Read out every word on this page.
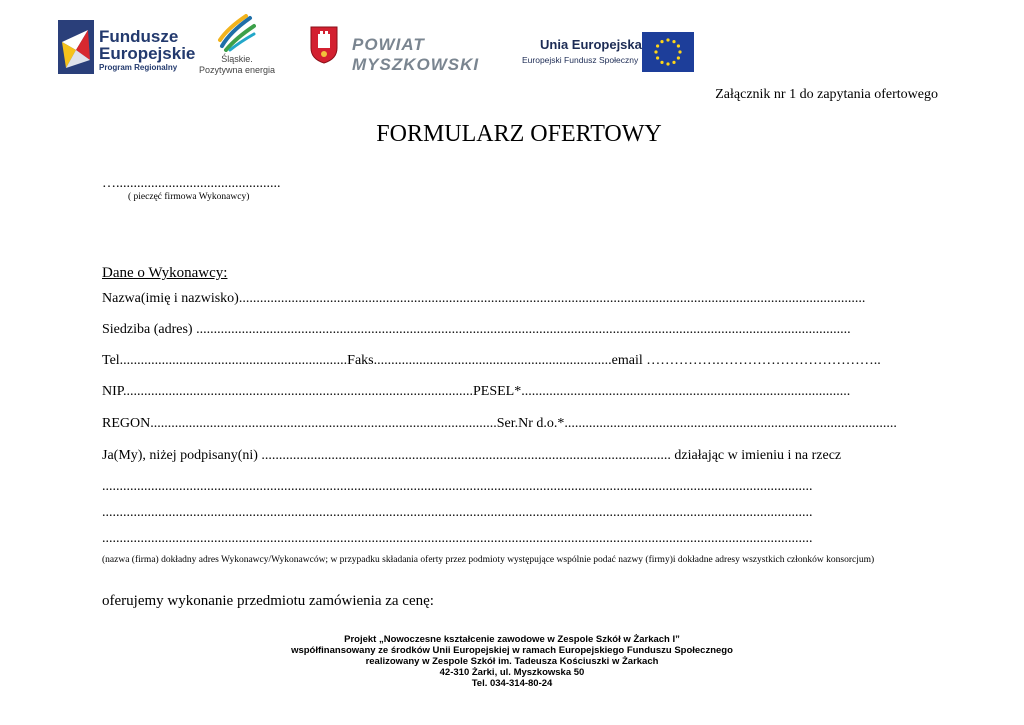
Fundusze
Europejskie
Program Regionalny
Śląskie.
Pozytywna energia
POWIAT MYSZKOWSKI
Unia Europejska
Europejski Fundusz Społeczny
Załącznik nr 1 do zapytania ofertowego
FORMULARZ OFERTOWY
…...............................................
( pieczęć firmowa Wykonawcy)
Dane o Wykonawcy:
Nazwa(imię i nazwisko)...................................................................................................................................................................................
Siedziba (adres) ...........................................................................................................................................................................................
Tel.................................................................Faks....................................................................email …………….……………………………..
NIP....................................................................................................PESEL*..............................................................................................
REGON...................................................................................................Ser.Nr d.o.*...............................................................................................
Ja(My), niżej podpisany(ni) ..................................................................................................................... działając w imieniu i na rzecz
...........................................................................................................................................................................................................
...........................................................................................................................................................................................................
...........................................................................................................................................................................................................
(nazwa (firma) dokładny adres Wykonawcy/Wykonawców; w przypadku składania oferty przez podmioty występujące wspólnie podać nazwy (firmy)i dokładne adresy wszystkich członków konsorcjum)
oferujemy wykonanie przedmiotu zamówienia za cenę:
Projekt „Nowoczesne kształcenie zawodowe w Zespole Szkół w Żarkach I”
współfinansowany ze środków Unii Europejskiej w ramach Europejskiego Funduszu Społecznego
realizowany w Zespole Szkół im. Tadeusza Kościuszki w Żarkach
42-310 Żarki, ul. Myszkowska 50
Tel. 034-314-80-24
